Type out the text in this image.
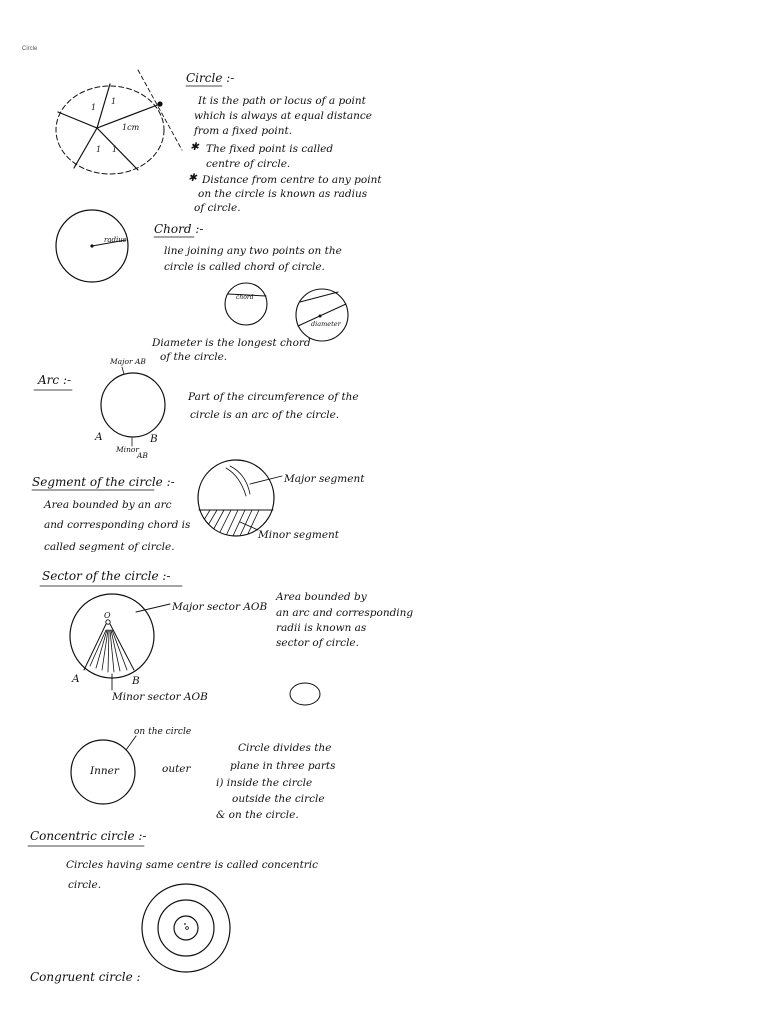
Circle
1
1
1 1
1cm
Circle :-
It is the path or locus of a point
which is always at equal distance
from a fixed point.
✱ The fixed point is called
centre of circle.
✱ Distance from centre to any point
on the circle is known as radius
of circle.
radius
Chord :-
line joining any two points on the
circle is called chord of circle.
chord
diameter
Diameter is the longest chord
of the circle.
Arc :-
Major AB
A	B
Minor
AB
Part of the circumference of the
circle is an arc of the circle.
Segment of the circle :-
Area bounded by an arc
and corresponding chord is
called segment of circle.
Major segment
Minor segment
Sector of the circle :-
O
A	B
Major sector AOB
Minor sector AOB
Area bounded by
an arc and corresponding
radii is known as
sector of circle.
on the circle
Inner	outer
Circle divides the
plane in three parts
i) inside the circle
outside the circle
& on the circle.
Concentric circle :-
Circles having same centre is called concentric
circle.
Congruent circle :
